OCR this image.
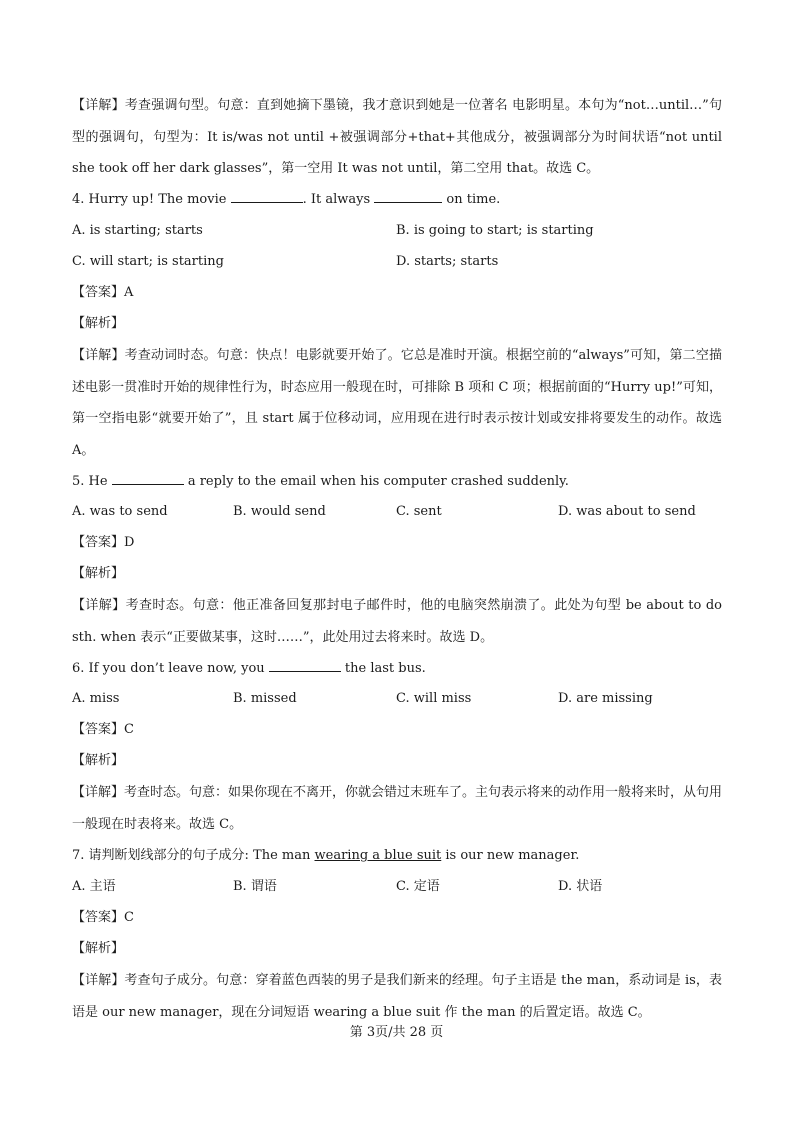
【详解】考查强调句型。句意：直到她摘下墨镜，我才意识到她是一位著名 电影明星。本句为“not…until…”句型的强调句，句型为：It is/was not until +被强调部分+that+其他成分，被强调部分为时间状语“not until she took off her dark glasses”，第一空用 It was not until，第二空用 that。故选 C。
4. Hurry up! The movie	. It always	on time.
A. is starting; starts	B. is going to start; is starting
C. will start; is starting	D. starts; starts
【答案】A
【解析】
【详解】考查动词时态。句意：快点！电影就要开始了。它总是准时开演。根据空前的“always”可知，第二空描述电影一贯准时开始的规律性行为，时态应用一般现在时，可排除 B 项和 C 项；根据前面的“Hurry up!”可知，第一空指电影“就要开始了”，且 start 属于位移动词，应用现在进行时表示按计划或安排将要发生的动作。故选 A。
5. He	a reply to the email when his computer crashed suddenly.
A. was to send	B. would send	C. sent	D. was about to send
【答案】D
【解析】
【详解】考查时态。句意：他正准备回复那封电子邮件时，他的电脑突然崩溃了。此处为句型 be about to do sth. when 表示“正要做某事，这时……”，此处用过去将来时。故选 D。
6. If you don’t leave now, you	the last bus.
A. miss	B. missed	C. will miss	D. are missing
【答案】C
【解析】
【详解】考查时态。句意：如果你现在不离开，你就会错过末班车了。主句表示将来的动作用一般将来时，从句用一般现在时表将来。故选 C。
7. 请判断划线部分的句子成分: The man wearing a blue suit is our new manager.
A. 主语	B. 谓语	C. 定语	D. 状语
【答案】C
【解析】
【详解】考查句子成分。句意：穿着蓝色西装的男子是我们新来的经理。句子主语是 the man，系动词是 is，表语是 our new manager，现在分词短语 wearing a blue suit 作 the man 的后置定语。故选 C。
第 3页/共 28 页
